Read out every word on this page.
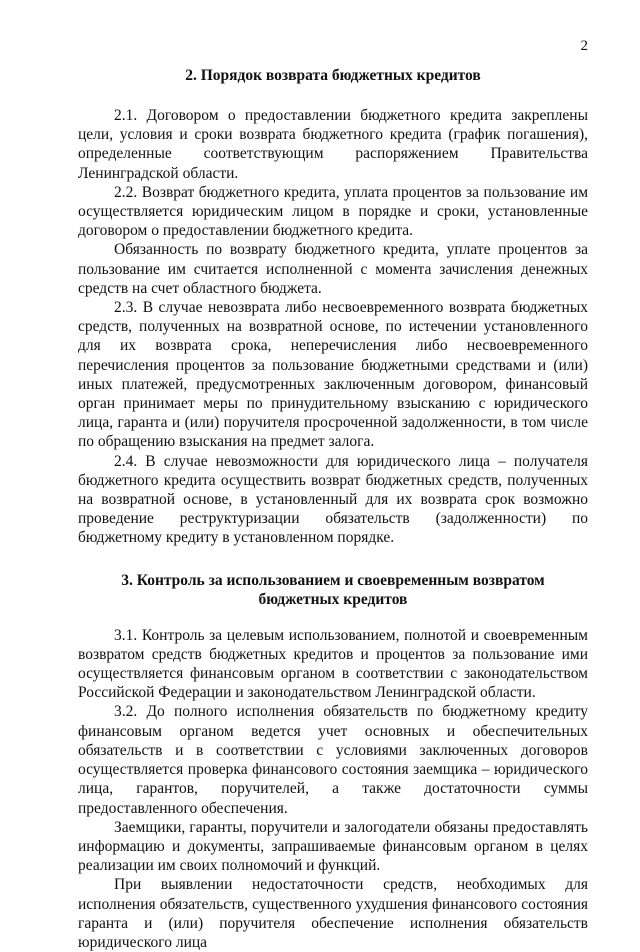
2
2. Порядок возврата бюджетных кредитов

2.1. Договором о предоставлении бюджетного кредита закреплены цели, условия и сроки возврата бюджетного кредита (график погашения), определенные соответствующим распоряжением Правительства Ленинградской области.

2.2. Возврат бюджетного кредита, уплата процентов за пользование им осуществляется юридическим лицом в порядке и сроки, установленные договором о предоставлении бюджетного кредита.

Обязанность по возврату бюджетного кредита, уплате процентов за пользование им считается исполненной с момента зачисления денежных средств на счет областного бюджета.

2.3. В случае невозврата либо несвоевременного возврата бюджетных средств, полученных на возвратной основе, по истечении установленного для их возврата срока, неперечисления либо несвоевременного перечисления процентов за пользование бюджетными средствами и (или) иных платежей, предусмотренных заключенным договором, финансовый орган принимает меры по принудительному взысканию с юридического лица, гаранта и (или) поручителя просроченной задолженности, в том числе по обращению взыскания на предмет залога.

2.4. В случае невозможности для юридического лица – получателя бюджетного кредита осуществить возврат бюджетных средств, полученных на возвратной основе, в установленный для их возврата срок возможно проведение реструктуризации обязательств (задолженности) по бюджетному кредиту в установленном порядке.

3. Контроль за использованием и своевременным возвратом
бюджетных кредитов

3.1. Контроль за целевым использованием, полнотой и своевременным возвратом средств бюджетных кредитов и процентов за пользование ими осуществляется финансовым органом в соответствии с законодательством Российской Федерации и законодательством Ленинградской области.

3.2. До полного исполнения обязательств по бюджетному кредиту финансовым органом ведется учет основных и обеспечительных обязательств и в соответствии с условиями заключенных договоров осуществляется проверка финансового состояния заемщика – юридического лица, гарантов, поручителей, а также достаточности суммы предоставленного обеспечения.

Заемщики, гаранты, поручители и залогодатели обязаны предоставлять информацию и документы, запрашиваемые финансовым органом в целях реализации им своих полномочий и функций.

При выявлении недостаточности средств, необходимых для исполнения обязательств, существенного ухудшения финансового состояния гаранта и (или) поручителя обеспечение исполнения обязательств юридического лица
